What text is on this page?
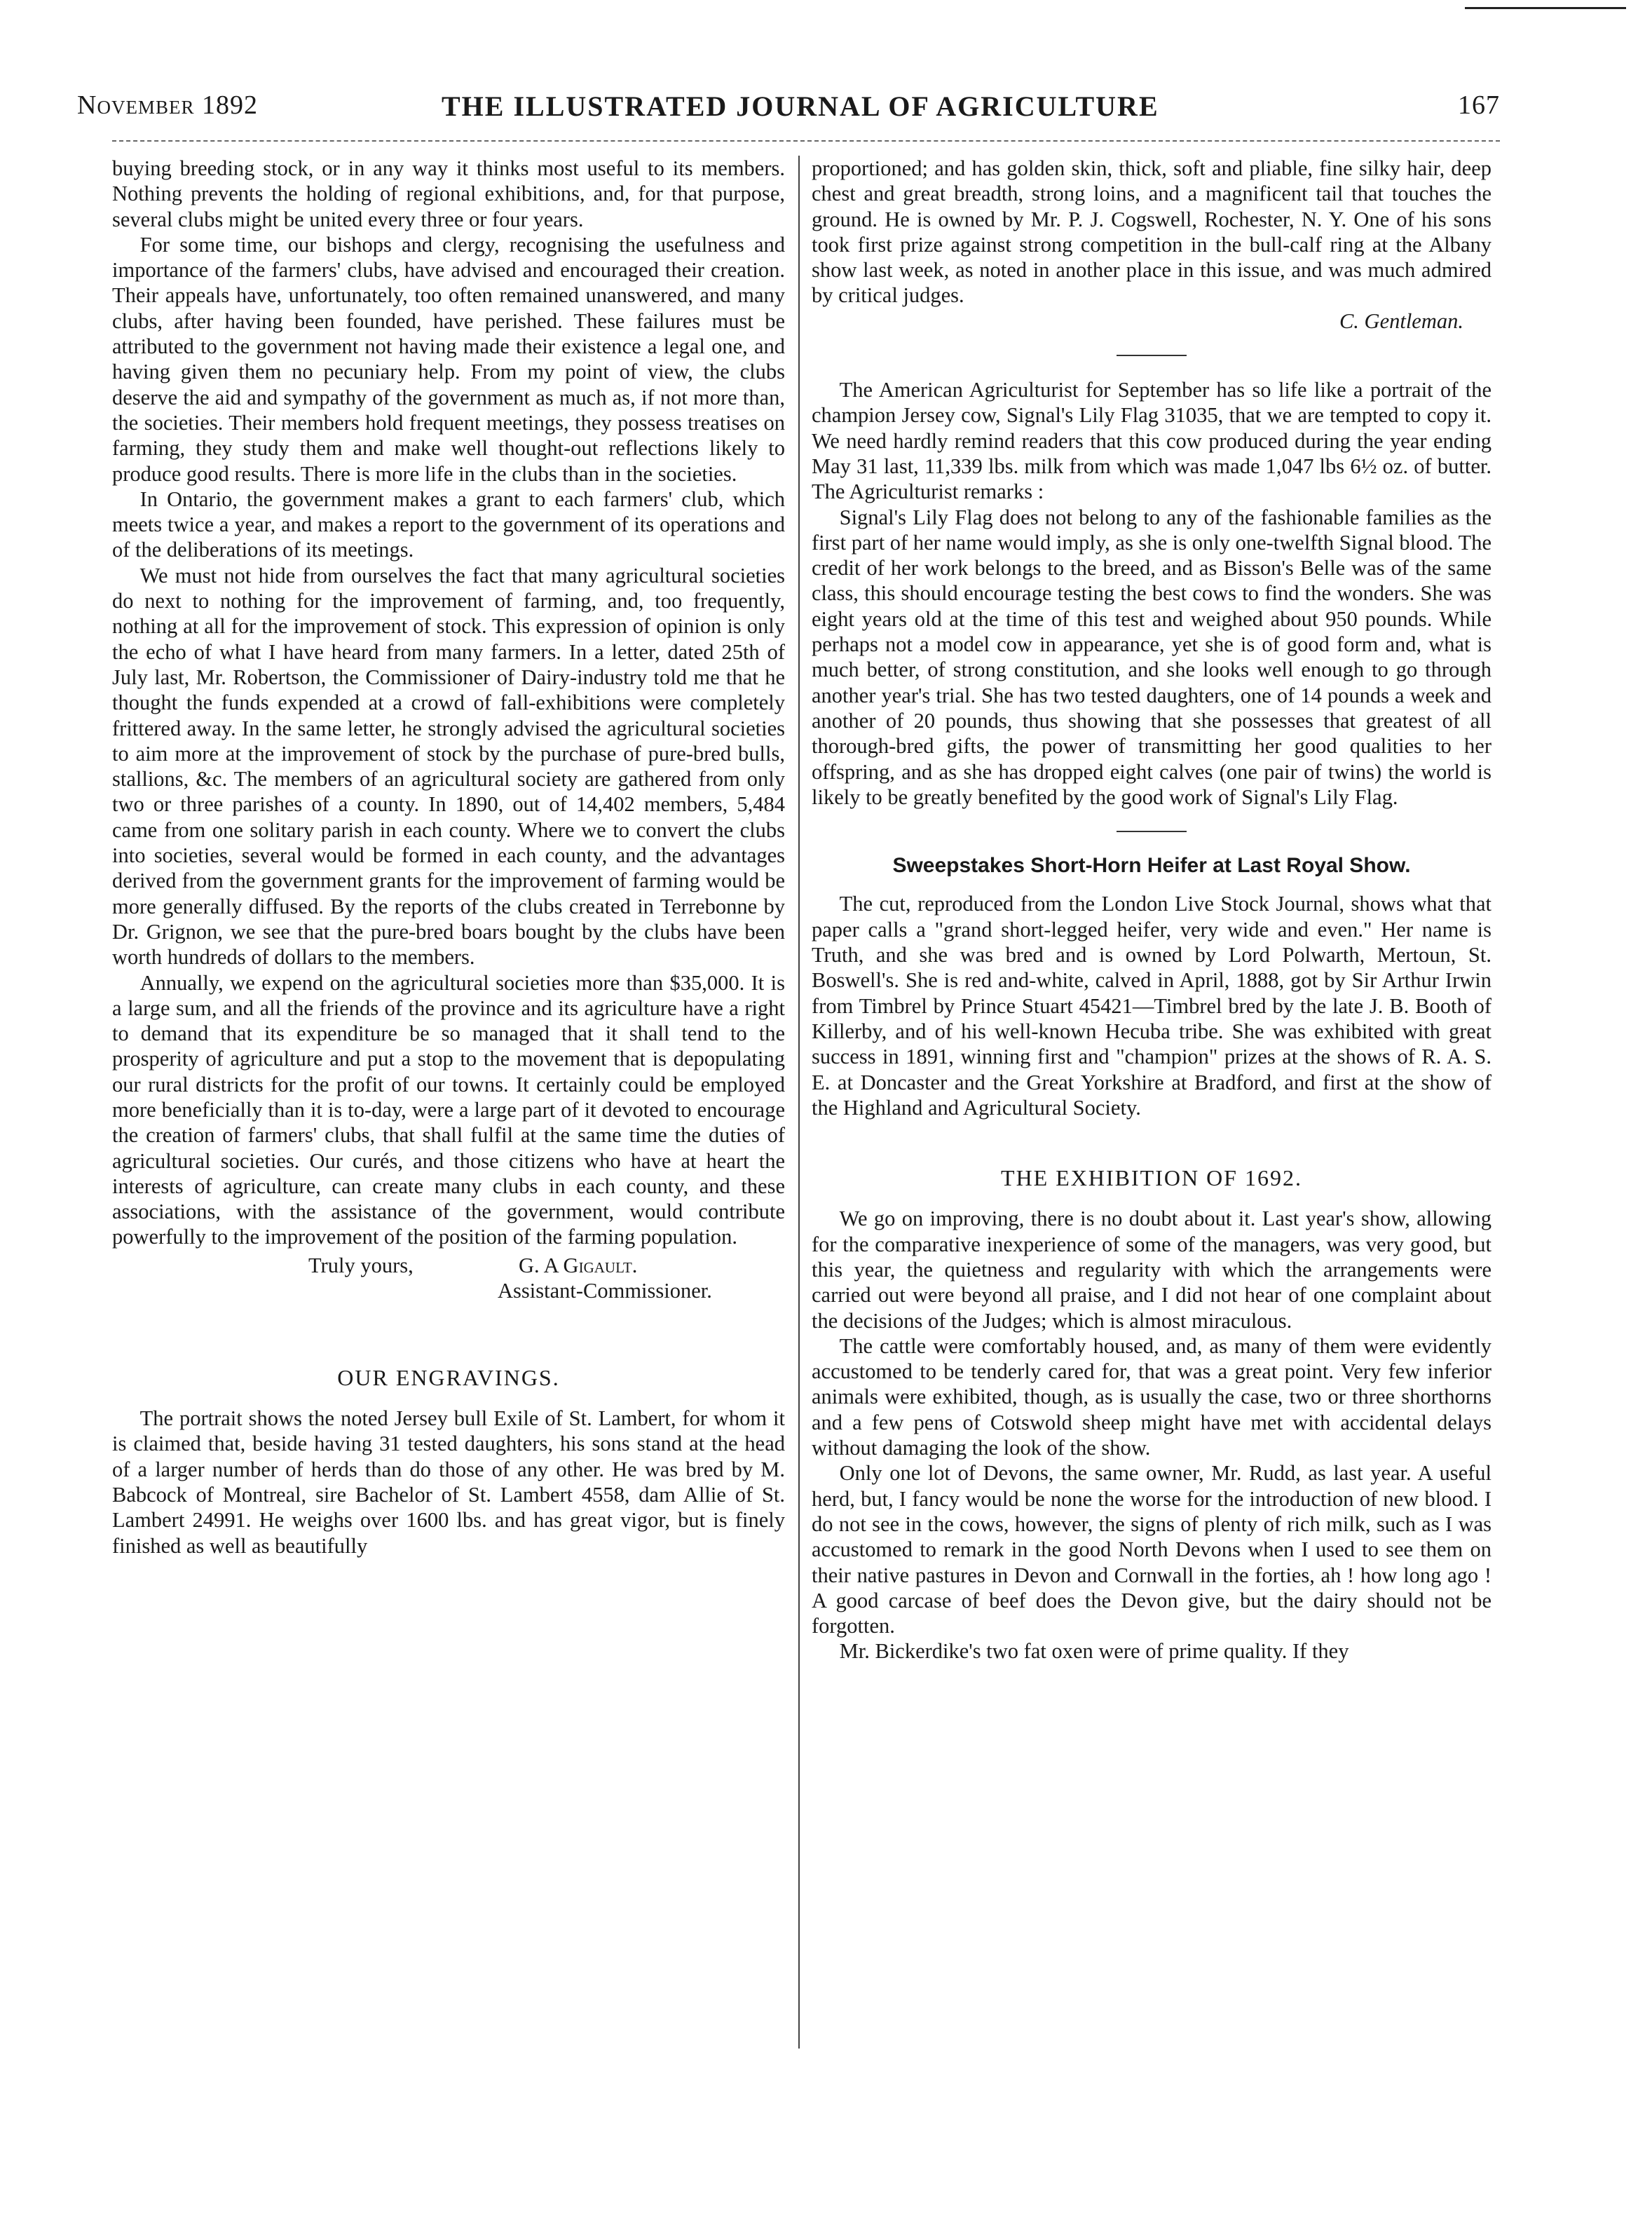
November 1892	THE ILLUSTRATED JOURNAL OF AGRICULTURE	167

buying breeding stock, or in any way it thinks most useful to its members. Nothing prevents the holding of regional exhibitions, and, for that purpose, several clubs might be united every three or four years.

For some time, our bishops and clergy, recognising the usefulness and importance of the farmers' clubs, have advised and encouraged their creation. Their appeals have, unfortunately, too often remained unanswered, and many clubs, after having been founded, have perished. These failures must be attributed to the government not having made their existence a legal one, and having given them no pecuniary help. From my point of view, the clubs deserve the aid and sympathy of the government as much as, if not more than, the societies. Their members hold frequent meetings, they possess treatises on farming, they study them and make well thought-out reflections likely to produce good results. There is more life in the clubs than in the societies.

In Ontario, the government makes a grant to each farmers' club, which meets twice a year, and makes a report to the government of its operations and of the deliberations of its meetings.

We must not hide from ourselves the fact that many agricultural societies do next to nothing for the improvement of farming, and, too frequently, nothing at all for the improvement of stock. This expression of opinion is only the echo of what I have heard from many farmers. In a letter, dated 25th of July last, Mr. Robertson, the Commissioner of Dairy-industry told me that he thought the funds expended at a crowd of fall-exhibitions were completely frittered away. In the same letter, he strongly advised the agricultural societies to aim more at the improvement of stock by the purchase of pure-bred bulls, stallions, &c. The members of an agricultural society are gathered from only two or three parishes of a county. In 1890, out of 14,402 members, 5,484 came from one solitary parish in each county. Where we to convert the clubs into societies, several would be formed in each county, and the advantages derived from the government grants for the improvement of farming would be more generally diffused. By the reports of the clubs created in Terrebonne by Dr. Grignon, we see that the pure-bred boars bought by the clubs have been worth hundreds of dollars to the members.

Annually, we expend on the agricultural societies more than $35,000. It is a large sum, and all the friends of the province and its agriculture have a right to demand that its expenditure be so managed that it shall tend to the prosperity of agriculture and put a stop to the movement that is depopulating our rural districts for the profit of our towns. It certainly could be employed more beneficially than it is to-day, were a large part of it devoted to encourage the creation of farmers' clubs, that shall fulfil at the same time the duties of agricultural societies. Our curés, and those citizens who have at heart the interests of agriculture, can create many clubs in each county, and these associations, with the assistance of the government, would contribute powerfully to the improvement of the position of the farming population.

Truly yours,	G. A Gigault.
Assistant-Commissioner.
OUR ENGRAVINGS.

The portrait shows the noted Jersey bull Exile of St. Lambert, for whom it is claimed that, beside having 31 tested daughters, his sons stand at the head of a larger number of herds than do those of any other. He was bred by M. Babcock of Montreal, sire Bachelor of St. Lambert 4558, dam Allie of St. Lambert 24991. He weighs over 1600 lbs. and has great vigor, but is finely finished as well as beautifully

proportioned; and has golden skin, thick, soft and pliable, fine silky hair, deep chest and great breadth, strong loins, and a magnificent tail that touches the ground. He is owned by Mr. P. J. Cogswell, Rochester, N. Y. One of his sons took first prize against strong competition in the bull-calf ring at the Albany show last week, as noted in another place in this issue, and was much admired by critical judges.

C. Gentleman.

The American Agriculturist for September has so life like a portrait of the champion Jersey cow, Signal's Lily Flag 31035, that we are tempted to copy it. We need hardly remind readers that this cow produced during the year ending May 31 last, 11,339 lbs. milk from which was made 1,047 lbs 6½ oz. of butter. The Agriculturist remarks :

Signal's Lily Flag does not belong to any of the fashionable families as the first part of her name would imply, as she is only one-twelfth Signal blood. The credit of her work belongs to the breed, and as Bisson's Belle was of the same class, this should encourage testing the best cows to find the wonders. She was eight years old at the time of this test and weighed about 950 pounds. While perhaps not a model cow in appearance, yet she is of good form and, what is much better, of strong constitution, and she looks well enough to go through another year's trial. She has two tested daughters, one of 14 pounds a week and another of 20 pounds, thus showing that she possesses that greatest of all thorough-bred gifts, the power of transmitting her good qualities to her offspring, and as she has dropped eight calves (one pair of twins) the world is likely to be greatly benefited by the good work of Signal's Lily Flag.

Sweepstakes Short-Horn Heifer at Last Royal Show.

The cut, reproduced from the London Live Stock Journal, shows what that paper calls a "grand short-legged heifer, very wide and even." Her name is Truth, and she was bred and is owned by Lord Polwarth, Mertoun, St. Boswell's. She is red and-white, calved in April, 1888, got by Sir Arthur Irwin from Timbrel by Prince Stuart 45421—Timbrel bred by the late J. B. Booth of Killerby, and of his well-known Hecuba tribe. She was exhibited with great success in 1891, winning first and "champion" prizes at the shows of R. A. S. E. at Doncaster and the Great Yorkshire at Bradford, and first at the show of the Highland and Agricultural Society.

THE EXHIBITION OF 1692.

We go on improving, there is no doubt about it. Last year's show, allowing for the comparative inexperience of some of the managers, was very good, but this year, the quietness and regularity with which the arrangements were carried out were beyond all praise, and I did not hear of one complaint about the decisions of the Judges; which is almost miraculous.

The cattle were comfortably housed, and, as many of them were evidently accustomed to be tenderly cared for, that was a great point. Very few inferior animals were exhibited, though, as is usually the case, two or three shorthorns and a few pens of Cotswold sheep might have met with accidental delays without damaging the look of the show.

Only one lot of Devons, the same owner, Mr. Rudd, as last year. A useful herd, but, I fancy would be none the worse for the introduction of new blood. I do not see in the cows, however, the signs of plenty of rich milk, such as I was accustomed to remark in the good North Devons when I used to see them on their native pastures in Devon and Cornwall in the forties, ah ! how long ago ! A good carcase of beef does the Devon give, but the dairy should not be forgotten.

Mr. Bickerdike's two fat oxen were of prime quality. If they
